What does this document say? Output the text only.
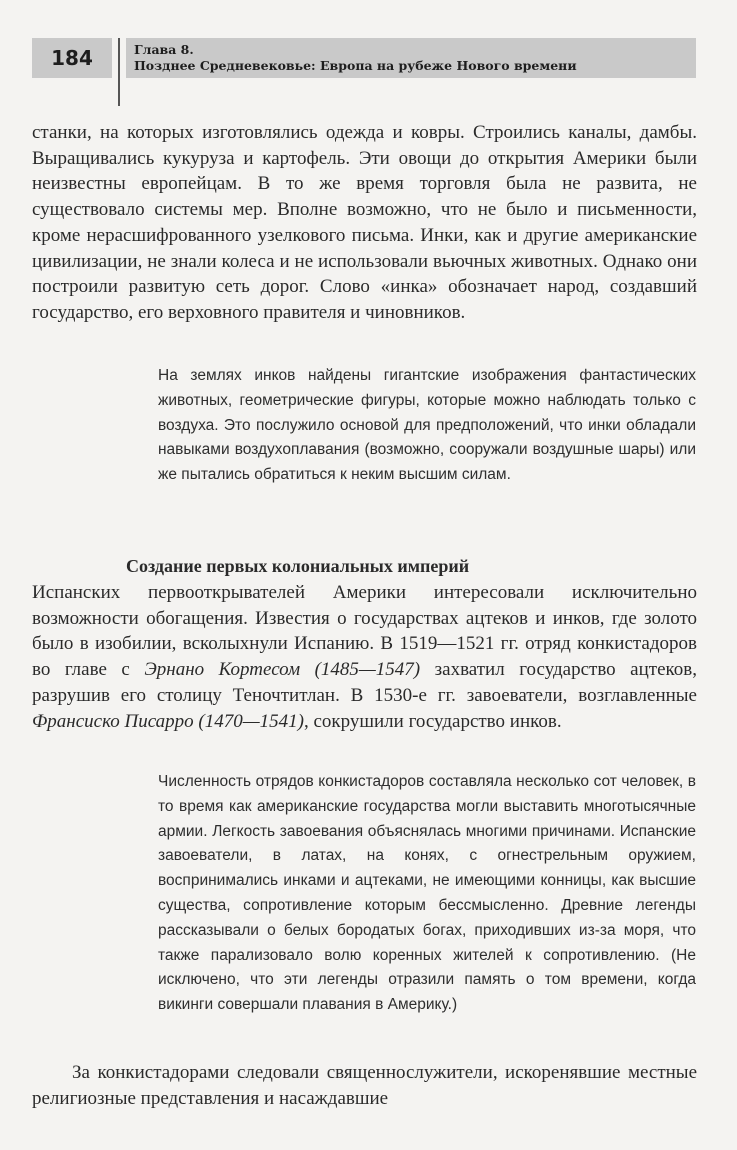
184	Глава 8.
Позднее Средневековье: Европа на рубеже Нового времени

станки, на которых изготовлялись одежда и ковры. Строились каналы, дамбы. Выращивались кукуруза и картофель. Эти овощи до открытия Америки были неизвестны европейцам. В то же время торговля была не развита, не существовало системы мер. Вполне возможно, что не было и письменности, кроме нерасшифрованного узелкового письма. Инки, как и другие американские цивилизации, не знали колеса и не использовали вьючных животных. Однако они построили развитую сеть дорог. Слово «инка» обозначает народ, создавший государство, его верховного правителя и чиновников.

На землях инков найдены гигантские изображения фантастических животных, геометрические фигуры, которые можно наблюдать только с воздуха. Это послужило основой для предположений, что инки обладали навыками воздухоплавания (возможно, сооружали воздушные шары) или же пытались обратиться к неким высшим силам.

Создание первых колониальных империй

Испанских первооткрывателей Америки интересовали исключительно возможности обогащения. Известия о государствах ацтеков и инков, где золото было в изобилии, всколыхнули Испанию. В 1519—1521 гг. отряд конкистадоров во главе с Эрнано Кортесом (1485—1547) захватил государство ацтеков, разрушив его столицу Теночтитлан. В 1530-е гг. завоеватели, возглавленные Франсиско Писарро (1470—1541), сокрушили государство инков.

Численность отрядов конкистадоров составляла несколько сот человек, в то время как американские государства могли выставить многотысячные армии. Легкость завоевания объяснялась многими причинами. Испанские завоеватели, в латах, на конях, с огнестрельным оружием, воспринимались инками и ацтеками, не имеющими конницы, как высшие существа, сопротивление которым бессмысленно. Древние легенды рассказывали о белых бородатых богах, приходивших из-за моря, что также парализовало волю коренных жителей к сопротивлению. (Не исключено, что эти легенды отразили память о том времени, когда викинги совершали плавания в Америку.)

За конкистадорами следовали священнослужители, искоренявшие местные религиозные представления и насаждавшие
